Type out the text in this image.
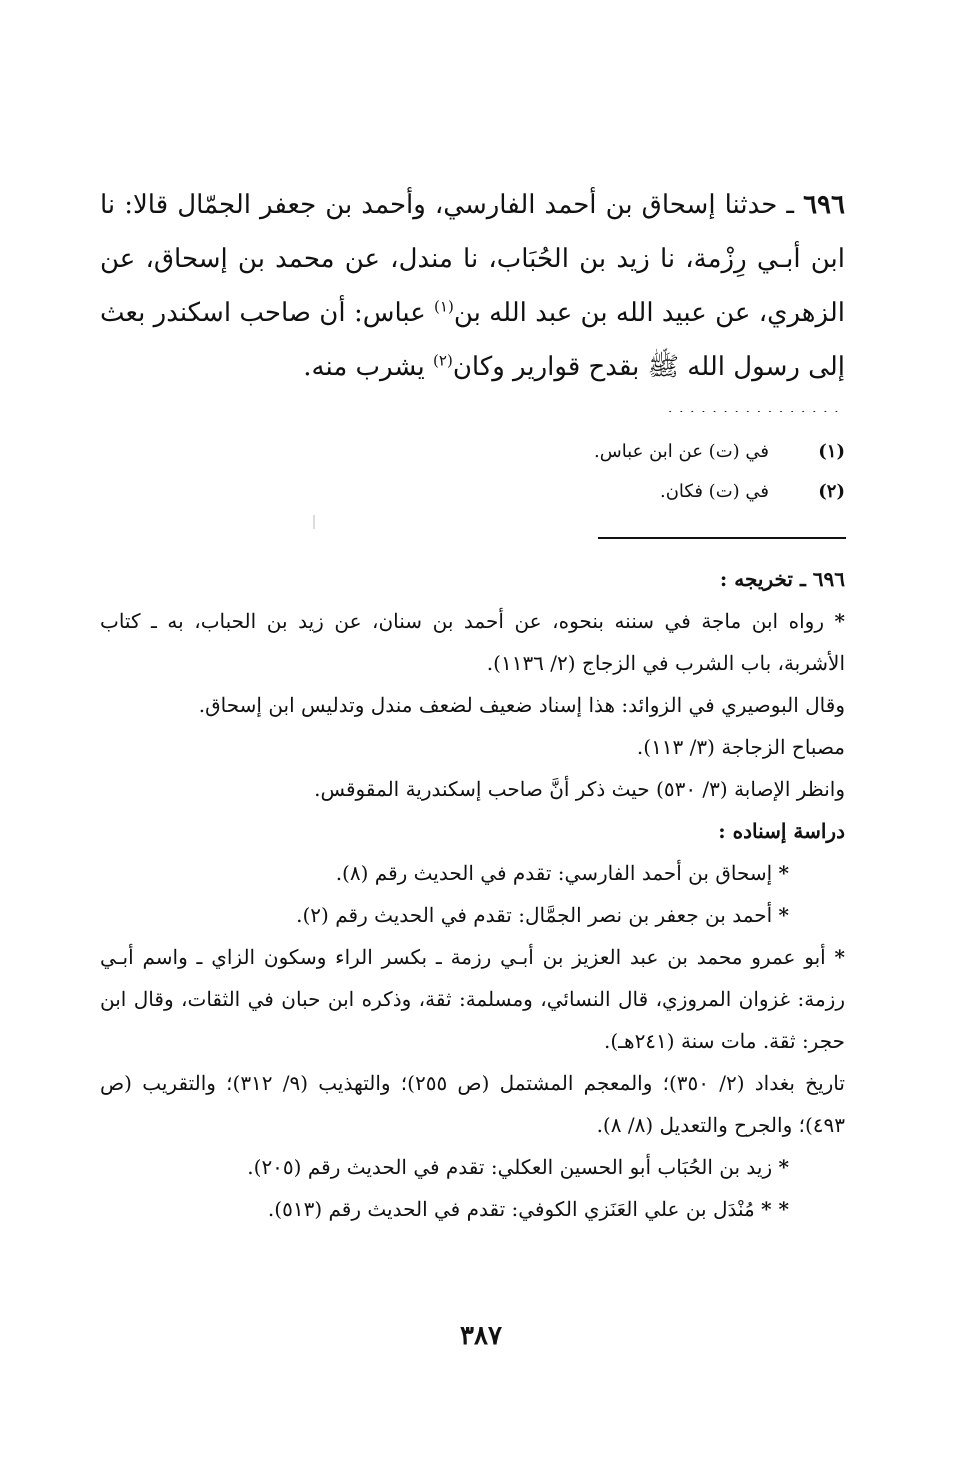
٦٩٦ ـ حدثنا إسحاق بن أحمد الفارسي، وأحمد بن جعفر الجمّال قالا: نا ابن أبـي رِزْمة، نا زيد بن الحُبَاب، نا مندل، عن محمد بن إسحاق، عن الزهري، عن عبيد الله بن عبد الله بن$^{(١)}$ عباس: أن صاحب اسكندر بعث إلى رسول الله ﷺ بقدح قوارير وكان$^{(٢)}$ يشرب منه.
................
(١)
في (ت) عن ابن عباس.
(٢)
في (ت) فكان.

٦٩٦ ـ تخريجه :

* رواه ابن ماجة في سننه بنحوه، عن أحمد بن سنان، عن زيد بن الحباب، به ـ كتاب الأشربة، باب الشرب في الزجاج (٢/ ١١٣٦).

وقال البوصيري في الزوائد: هذا إسناد ضعيف لضعف مندل وتدليس ابن إسحاق.

مصباح الزجاجة (٣/ ١١٣).

وانظر الإصابة (٣/ ٥٣٠) حيث ذكر أنَّ صاحب إسكندرية المقوقس.

دراسة إسناده :

* إسحاق بن أحمد الفارسي: تقدم في الحديث رقم (٨).

* أحمد بن جعفر بن نصر الجمَّال: تقدم في الحديث رقم (٢).

* أبو عمرو محمد بن عبد العزيز بن أبـي رزمة ـ بكسر الراء وسكون الزاي ـ واسم أبـي رزمة: غزوان المروزي، قال النسائي، ومسلمة: ثقة، وذكره ابن حبان في الثقات، وقال ابن حجر: ثقة. مات سنة (٢٤١هـ).

تاريخ بغداد (٢/ ٣٥٠)؛ والمعجم المشتمل (ص ٢٥٥)؛ والتهذيب (٩/ ٣١٢)؛ والتقريب (ص ٤٩٣)؛ والجرح والتعديل (٨/ ٨).

* زيد بن الحُبَاب أبو الحسين العكلي: تقدم في الحديث رقم (٢٠٥).

* * مُنْدَل بن علي العَنَزي الكوفي: تقدم في الحديث رقم (٥١٣).

٣٨٧
